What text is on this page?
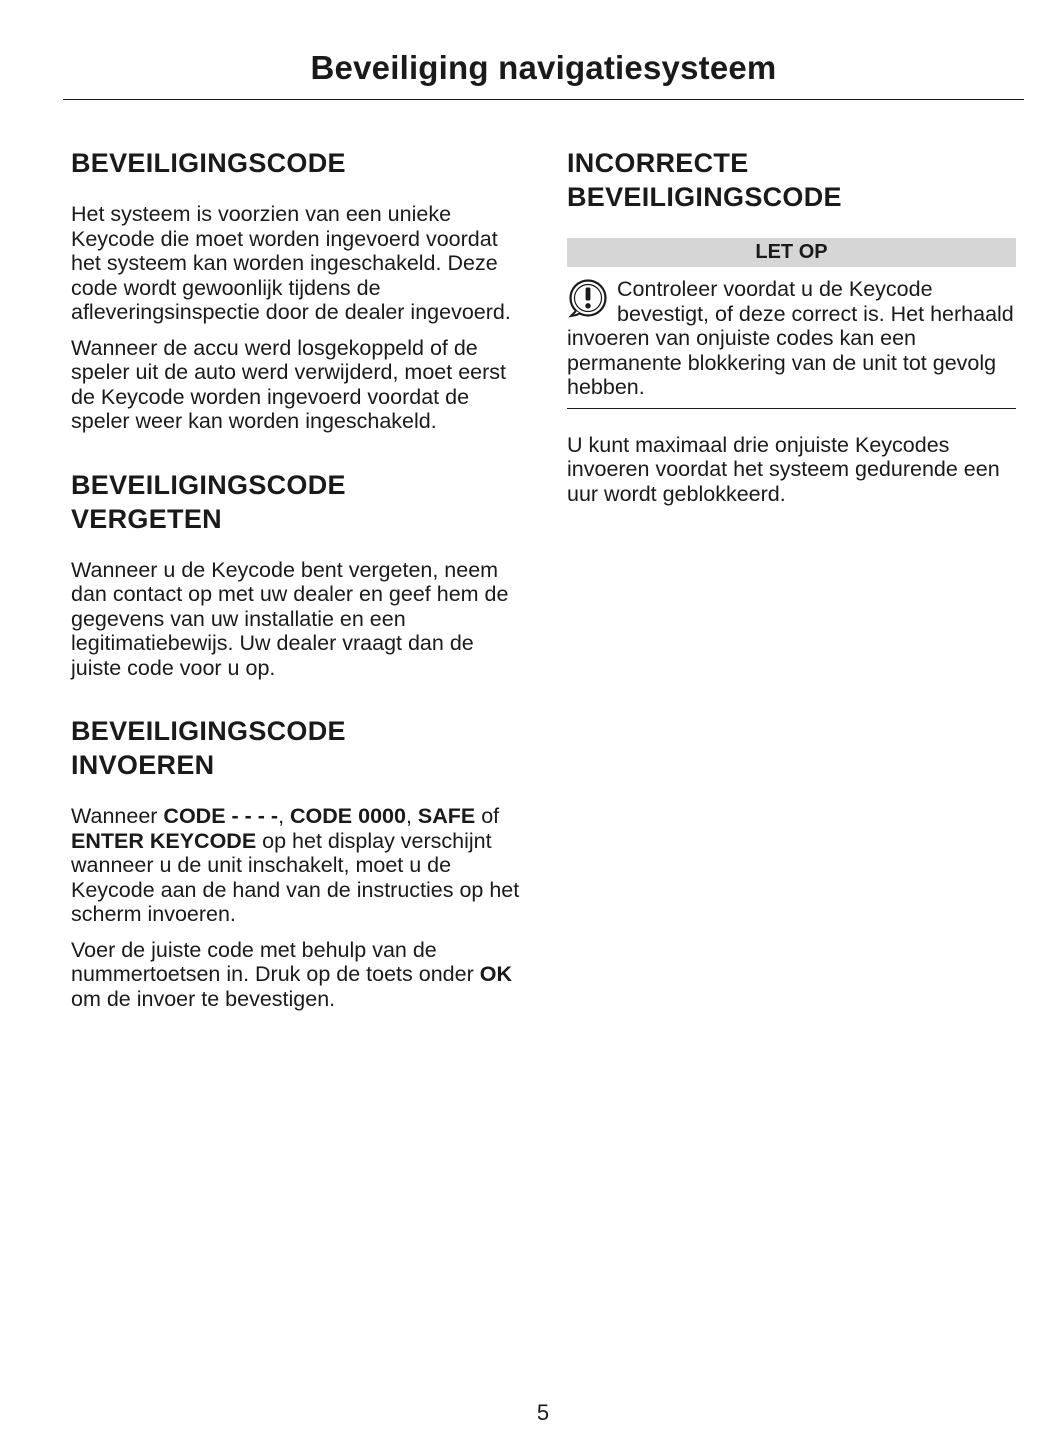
Beveiliging navigatiesysteem
BEVEILIGINGSCODE

Het systeem is voorzien van een unieke Keycode die moet worden ingevoerd voordat het systeem kan worden ingeschakeld. Deze code wordt gewoonlijk tijdens de afleveringsinspectie door de dealer ingevoerd.

Wanneer de accu werd losgekoppeld of de speler uit de auto werd verwijderd, moet eerst de Keycode worden ingevoerd voordat de speler weer kan worden ingeschakeld.

BEVEILIGINGSCODE
VERGETEN

Wanneer u de Keycode bent vergeten, neem dan contact op met uw dealer en geef hem de gegevens van uw installatie en een legitimatiebewijs. Uw dealer vraagt dan de juiste code voor u op.

BEVEILIGINGSCODE
INVOEREN

Wanneer CODE - - - -, CODE 0000, SAFE of ENTER KEYCODE op het display verschijnt wanneer u de unit inschakelt, moet u de Keycode aan de hand van de instructies op het scherm invoeren.

Voer de juiste code met behulp van de nummertoetsen in. Druk op de toets onder OK om de invoer te bevestigen.

INCORRECTE
BEVEILIGINGSCODE
LET OP
Controleer voordat u de Keycode bevestigt, of deze correct is. Het herhaald invoeren van onjuiste codes kan een permanente blokkering van de unit tot gevolg hebben.

U kunt maximaal drie onjuiste Keycodes invoeren voordat het systeem gedurende een uur wordt geblokkeerd.

5
